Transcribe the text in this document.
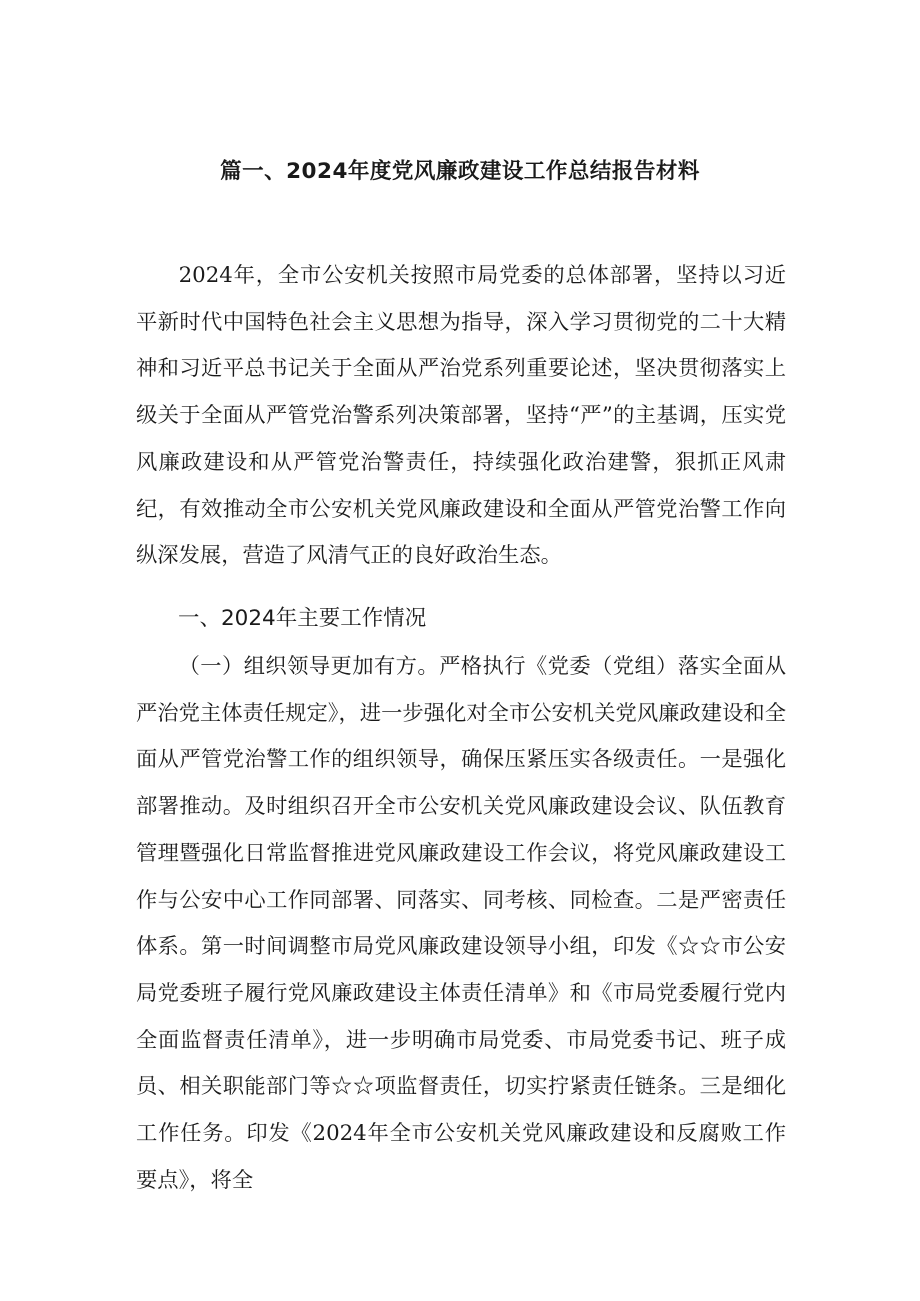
篇一、2024年度党风廉政建设工作总结报告材料

2024年，全市公安机关按照市局党委的总体部署，坚持以习近平新时代中国特色社会主义思想为指导，深入学习贯彻党的二十大精神和习近平总书记关于全面从严治党系列重要论述，坚决贯彻落实上级关于全面从严管党治警系列决策部署，坚持“严”的主基调，压实党风廉政建设和从严管党治警责任，持续强化政治建警，狠抓正风肃纪，有效推动全市公安机关党风廉政建设和全面从严管党治警工作向纵深发展，营造了风清气正的良好政治生态。

一、2024年主要工作情况

（一）组织领导更加有方。严格执行《党委（党组）落实全面从严治党主体责任规定》，进一步强化对全市公安机关党风廉政建设和全面从严管党治警工作的组织领导，确保压紧压实各级责任。一是强化部署推动。及时组织召开全市公安机关党风廉政建设会议、队伍教育管理暨强化日常监督推进党风廉政建设工作会议，将党风廉政建设工作与公安中心工作同部署、同落实、同考核、同检查。二是严密责任体系。第一时间调整市局党风廉政建设领导小组，印发《☆☆市公安局党委班子履行党风廉政建设主体责任清单》和《市局党委履行党内全面监督责任清单》，进一步明确市局党委、市局党委书记、班子成员、相关职能部门等☆☆项监督责任，切实拧紧责任链条。三是细化工作任务。印发《2024年全市公安机关党风廉政建设和反腐败工作要点》，将全
